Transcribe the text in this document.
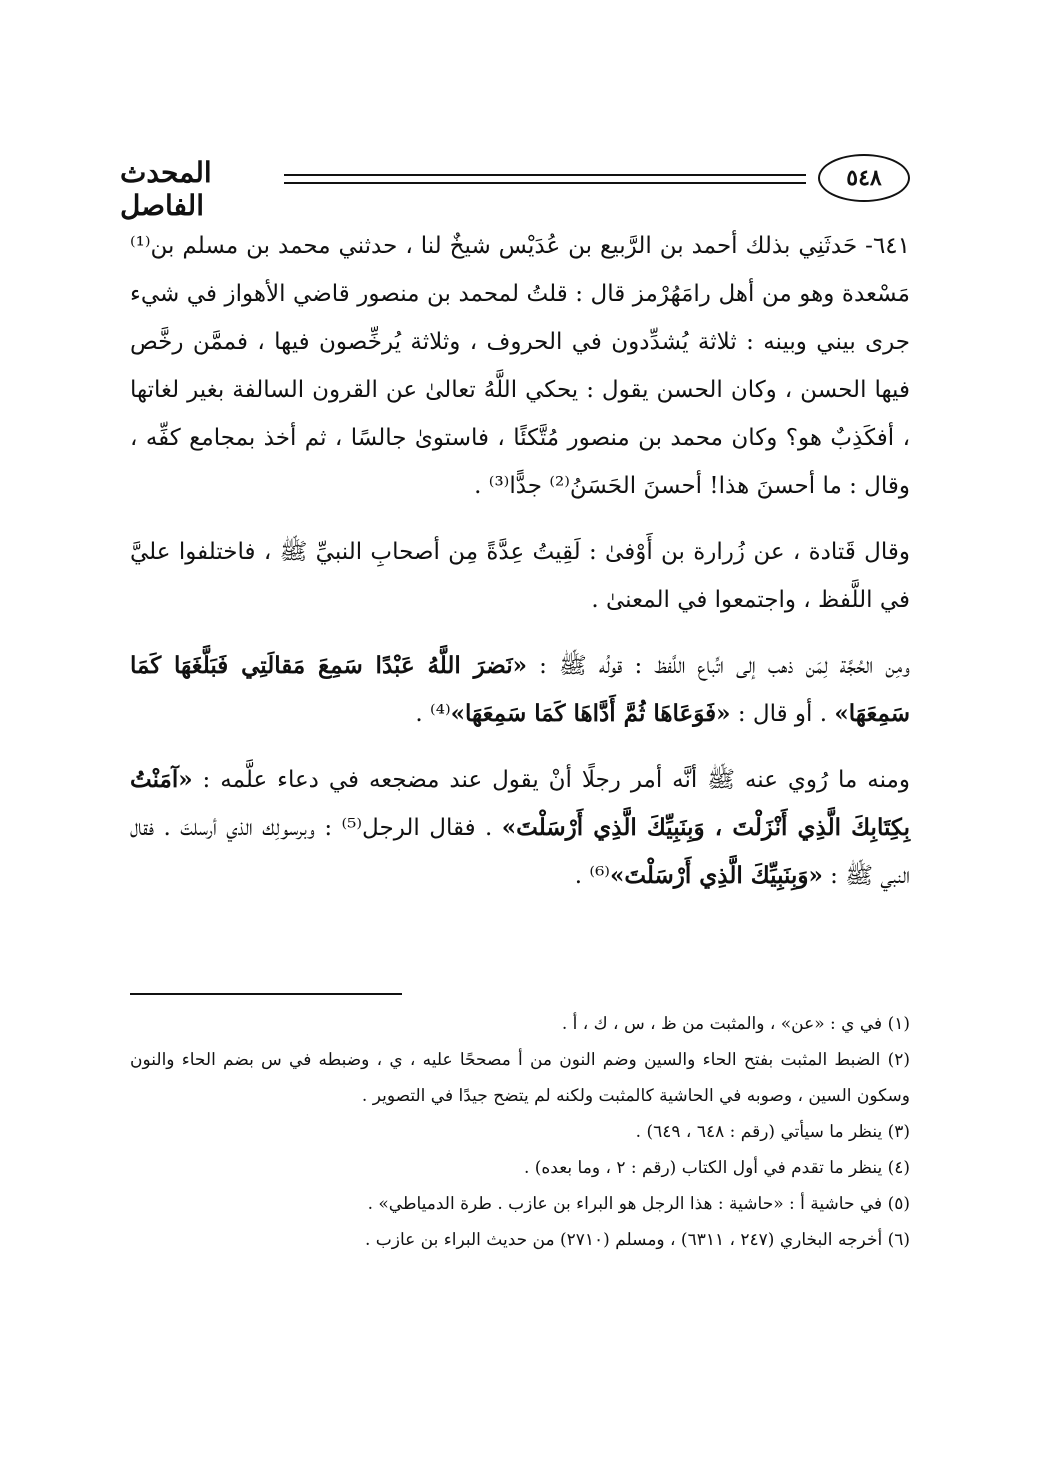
٥٤٨
المحدث الفاصل

٦٤١- حَدثَنِي بذلك أحمد بن الرَّبيع بن عُدَيْس شيخٌ لنا ، حدثني محمد بن مسلم بن⁽¹⁾ مَسْعدة وهو من أهل رامَهُرْمز قال : قلتُ لمحمد بن منصور قاضي الأهواز في شيء جرى بيني وبينه : ثلاثة يُشدِّدون في الحروف ، وثلاثة يُرخِّصون فيها ، فممَّن رخَّص فيها الحسن ، وكان الحسن يقول : يحكي اللَّهُ تعالىٰ عن القرون السالفة بغير لغاتها ، أفكَذِبٌ هو؟ وكان محمد بن منصور مُتَّكئًا ، فاستوىٰ جالسًا ، ثم أخذ بمجامع كفِّه ، وقال : ما أحسنَ هذا! أحسنَ الحَسَنُ⁽²⁾ جدًّا⁽³⁾ .

وقال قَتادة ، عن زُرارة بن أَوْفىٰ : لَقِيتُ عِدَّةً مِن أصحابِ النبيِّ ﷺ ، فاختلفوا عليَّ في اللَّفظ ، واجتمعوا في المعنىٰ .

ومِن الحُجَّة لِمَن ذهب إلى اتِّباع اللَّفظ : قولُه ﷺ : «نَضرَ اللَّهُ عَبْدًا سَمِعَ مَقالَتِي فَبَلَّغَهَا كَمَا سَمِعَهَا» . أو قال : «فَوَعَاهَا ثُمَّ أَدَّاهَا كَمَا سَمِعَهَا»⁽⁴⁾ .

ومنه ما رُوي عنه ﷺ أنَّه أمر رجلًا أنْ يقول عند مضجعه في دعاء علَّمه : «آمَنْتُ بِكِتَابِكَ الَّذِي أَنْزَلْتَ ، وَبِنَبِيِّكَ الَّذِي أَرْسَلْتَ» . فقال الرجل⁽⁵⁾ : وبرسولِك الذي أرسلتَ . فقال النبي ﷺ : «وَبِنَبِيِّكَ الَّذِي أَرْسَلْتَ»⁽⁶⁾ .

(١) في ي : «عن» ، والمثبت من ظ ، س ، ك ، أ .

(٢) الضبط المثبت بفتح الحاء والسين وضم النون من أ مصححًا عليه ، ي ، وضبطه في س بضم الحاء والنون وسكون السين ، وصوبه في الحاشية كالمثبت ولكنه لم يتضح جيدًا في التصوير .

(٣) ينظر ما سيأتي (رقم : ٦٤٨ ، ٦٤٩) .

(٤) ينظر ما تقدم في أول الكتاب (رقم : ٢ ، وما بعده) .

(٥) في حاشية أ : «حاشية : هذا الرجل هو البراء بن عازب . طرة الدمياطي» .

(٦) أخرجه البخاري (٢٤٧ ، ٦٣١١) ، ومسلم (٢٧١٠) من حديث البراء بن عازب .
